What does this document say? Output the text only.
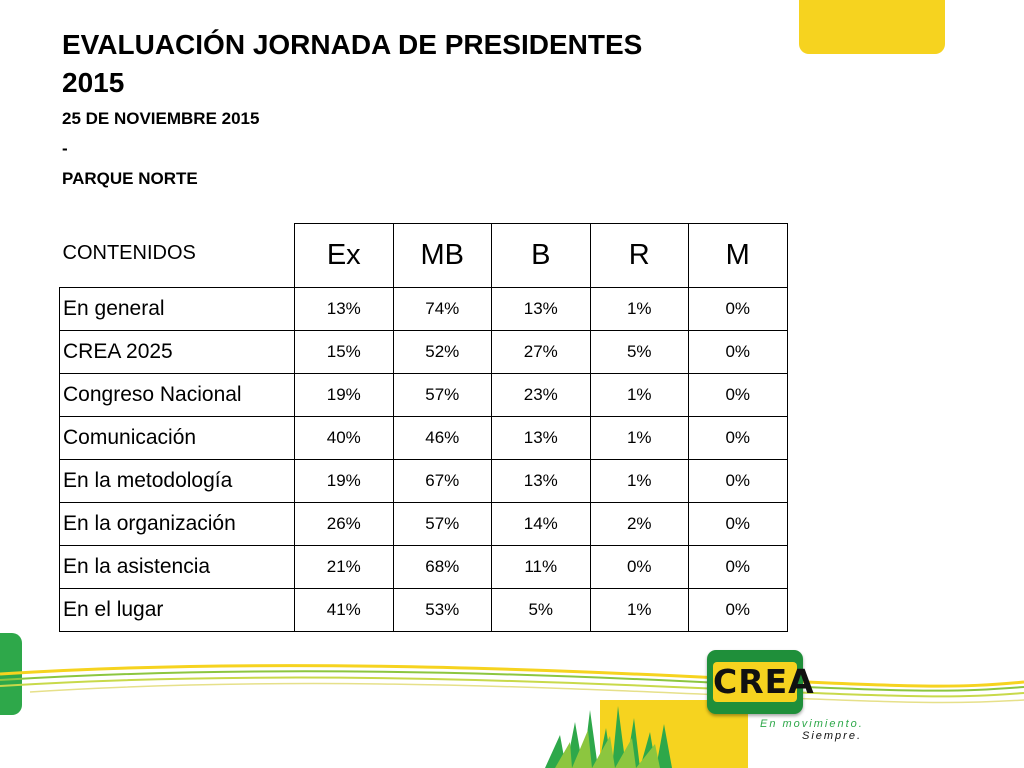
EVALUACIÓN JORNADA DE PRESIDENTES
2015

25 DE NOVIEMBRE 2015

-

PARQUE NORTE

CONTENIDOS	Ex	MB	B	R	M
En general	13%	74%	13%	1%	0%
CREA 2025	15%	52%	27%	5%	0%
Congreso Nacional	19%	57%	23%	1%	0%
Comunicación	40%	46%	13%	1%	0%
En la metodología	19%	67%	13%	1%	0%
En la organización	26%	57%	14%	2%	0%
En la asistencia	21%	68%	11%	0%	0%
En el lugar	41%	53%	5%	1%	0%
CREA
En movimiento.
Siempre.
